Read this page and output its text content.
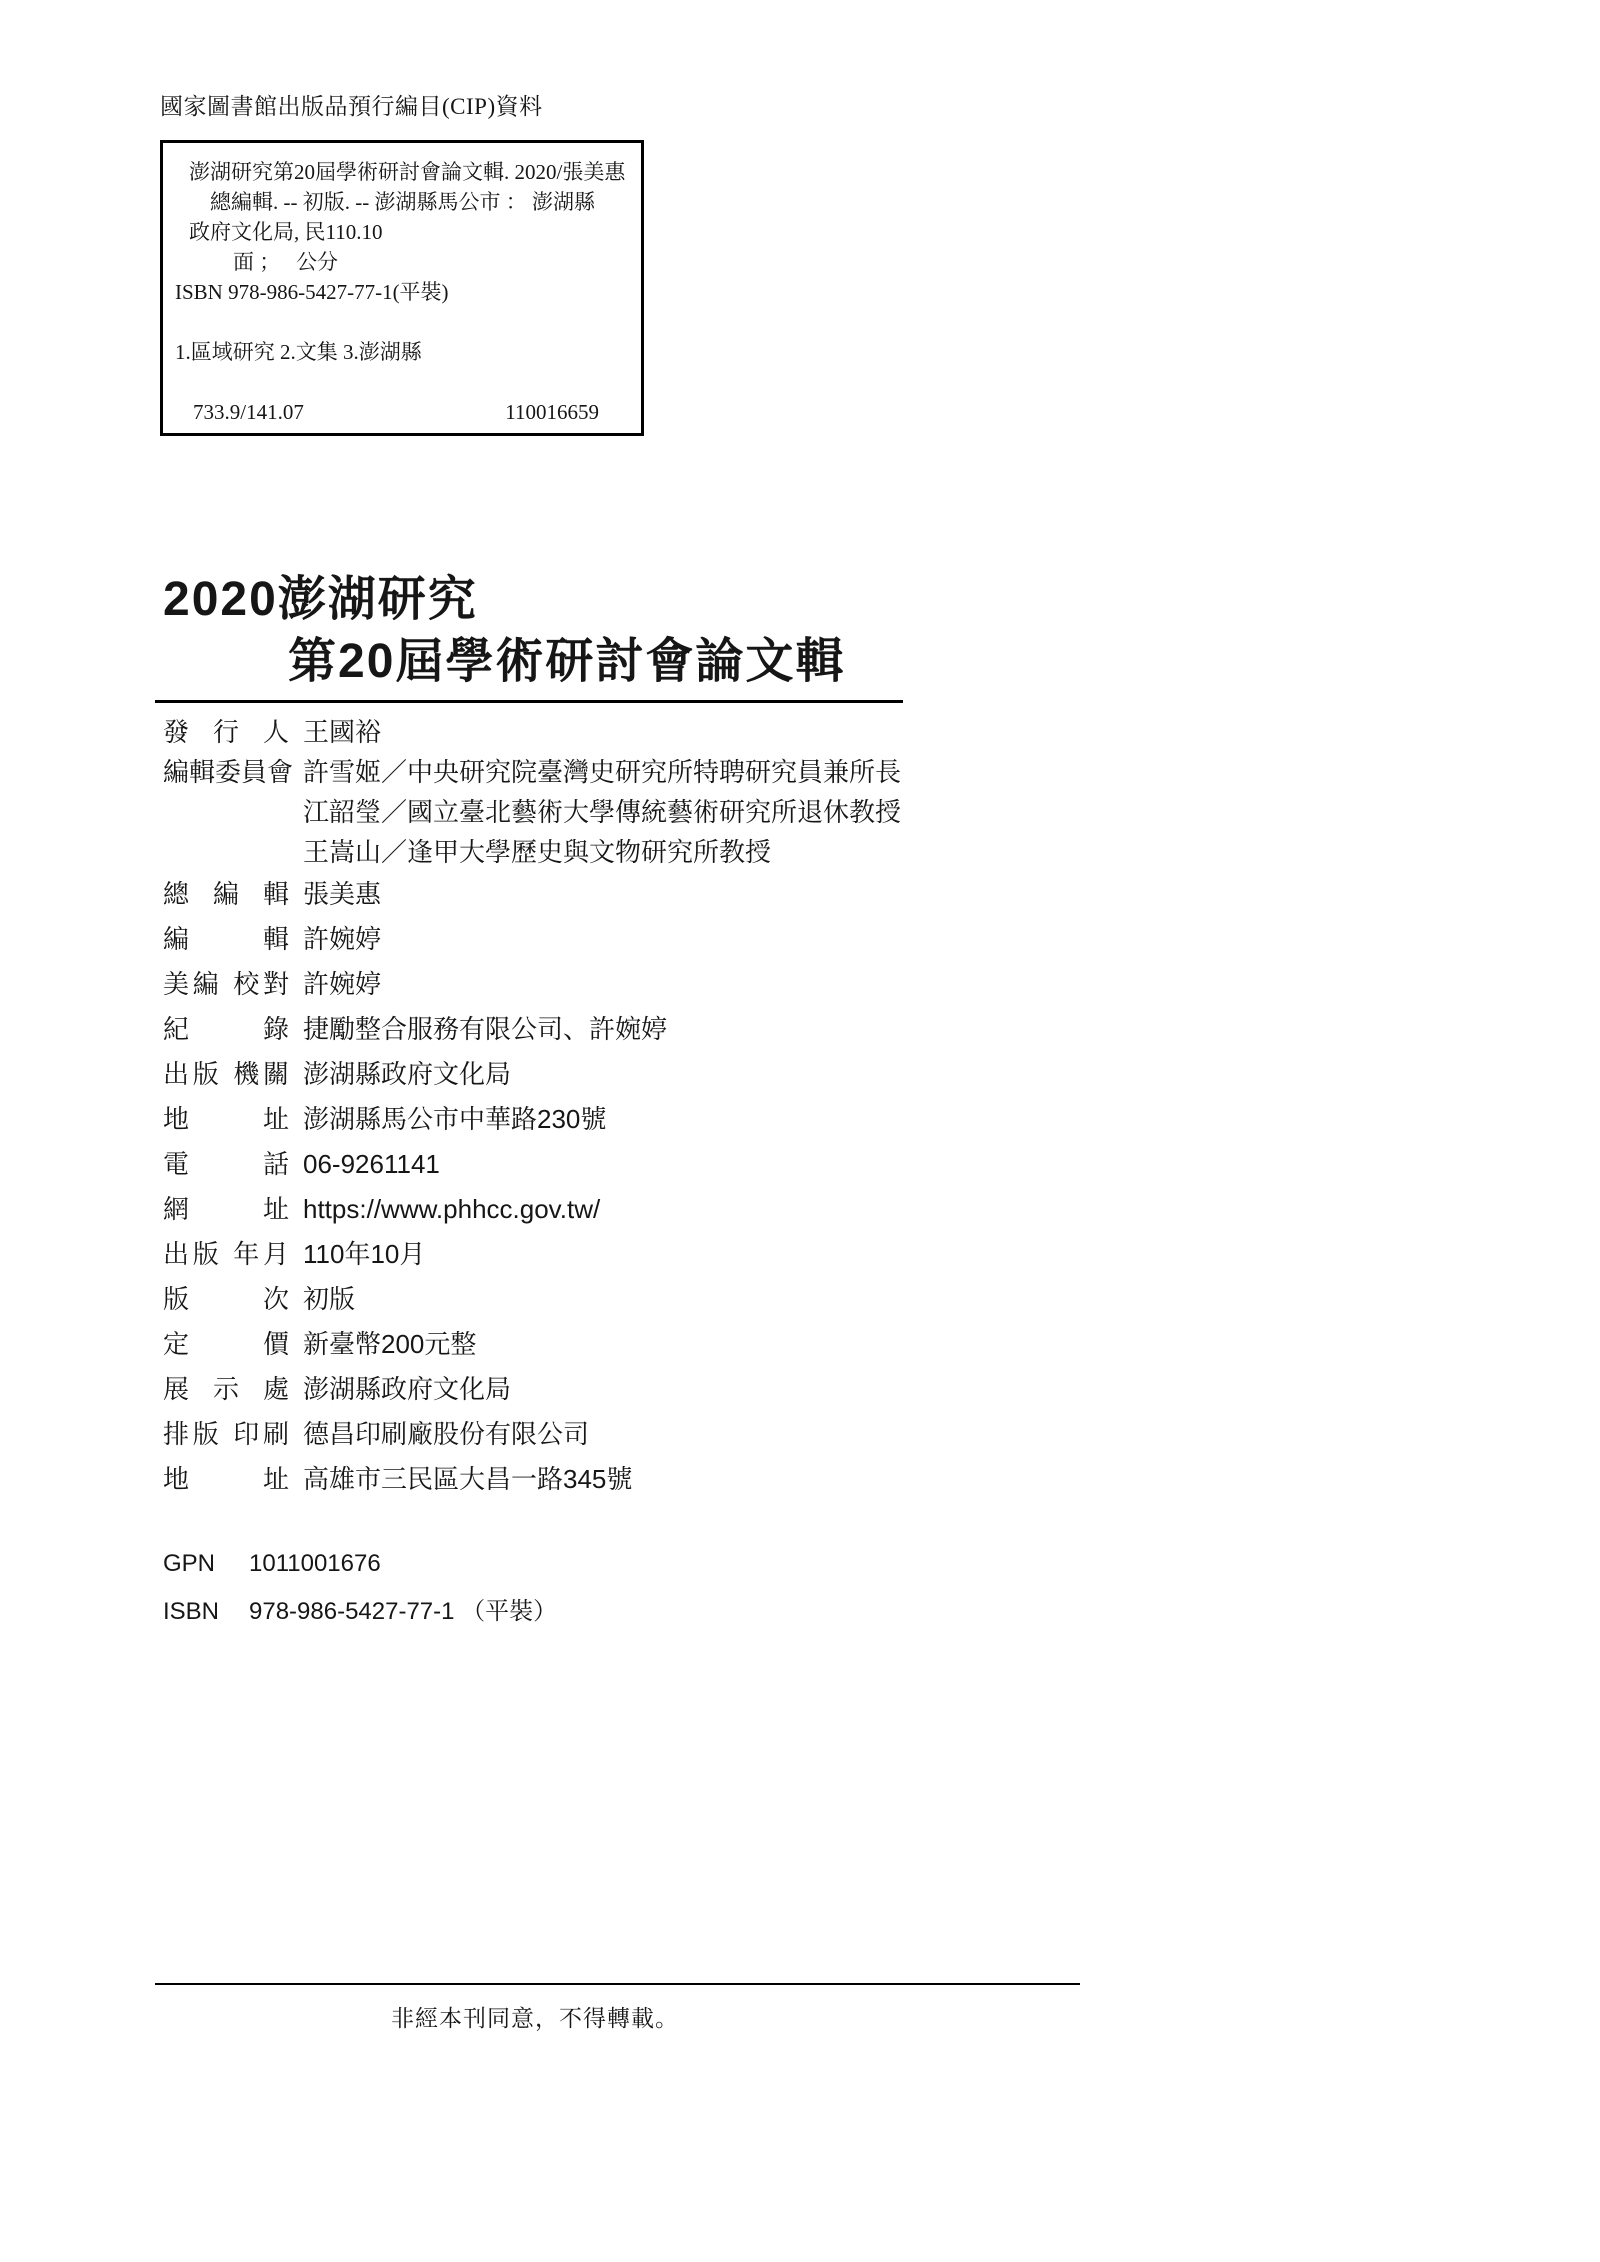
國家圖書館出版品預行編目(CIP)資料
澎湖研究第20屆學術研討會論文輯. 2020/張美惠
總編輯. -- 初版. -- 澎湖縣馬公市 ： 澎湖縣
政府文化局, 民110.10
面 ；   公分
ISBN 978-986-5427-77-1(平裝)
1.區域研究 2.文集 3.澎湖縣
733.9/141.07	110016659
2020澎湖研究
第20屆學術研討會論文輯
發 行 人 王國裕
編輯委員會 許雪姬／中央研究院臺灣史研究所特聘研究員兼所長
江韶瑩／國立臺北藝術大學傳統藝術研究所退休教授
王嵩山／逢甲大學歷史與文物研究所教授
總 編 輯 張美惠
編 輯 許婉婷
美編 校對 許婉婷
紀 錄 捷勵整合服務有限公司、許婉婷
出版 機關 澎湖縣政府文化局
地 址 澎湖縣馬公市中華路230號
電 話 06-9261141
網 址 https://www.phhcc.gov.tw/
出版 年月 110年10月
版 次 初版
定 價 新臺幣200元整
展 示 處 澎湖縣政府文化局
排版 印刷 德昌印刷廠股份有限公司
地 址 高雄市三民區大昌一路345號
GPN	1011001676
ISBN	978-986-5427-77-1 （平裝）
非經本刊同意，不得轉載。
